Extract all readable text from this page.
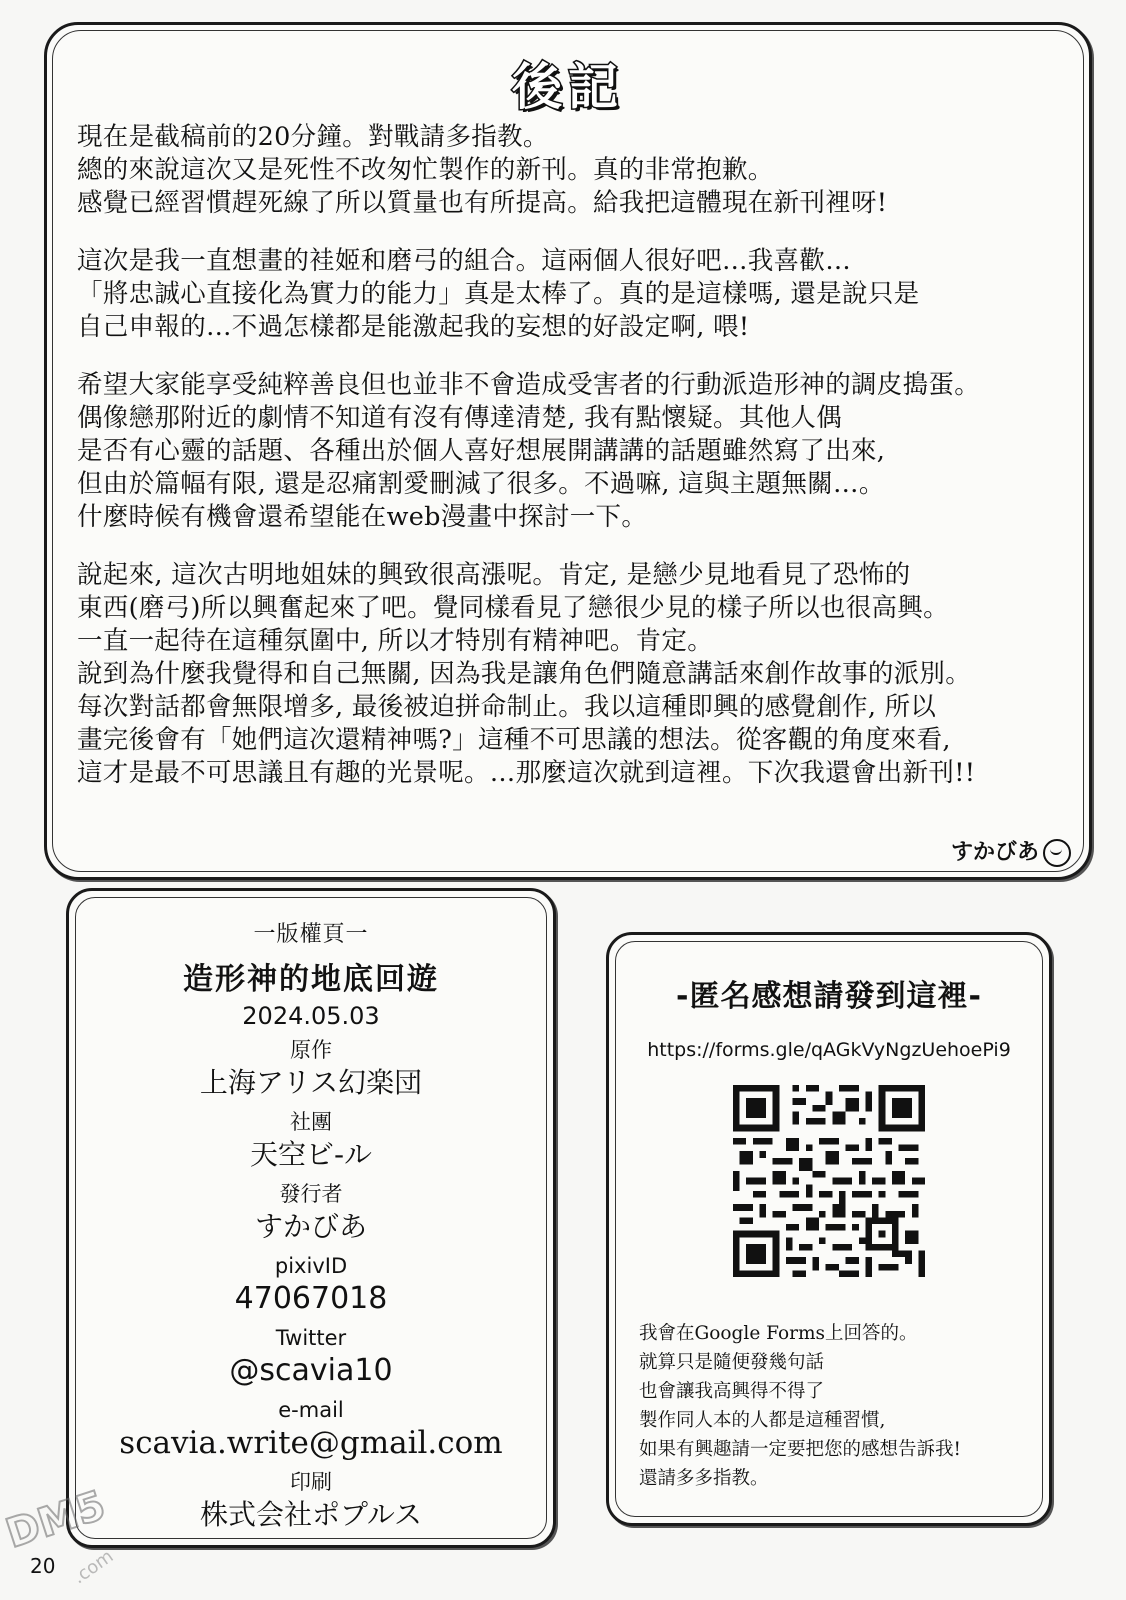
後記

現在是截稿前的20分鐘。對戰請多指教。
總的來說這次又是死性不改匆忙製作的新刊。真的非常抱歉。
感覺已經習慣趕死線了所以質量也有所提高。給我把這體現在新刊裡呀!

這次是我一直想畫的袿姬和磨弓的組合。這兩個人很好吧…我喜歡…
「將忠誠心直接化為實力的能力」真是太棒了。真的是這樣嗎, 還是說只是
自己申報的…不過怎樣都是能激起我的妄想的好設定啊, 喂!

希望大家能享受純粹善良但也並非不會造成受害者的行動派造形神的調皮搗蛋。
偶像戀那附近的劇情不知道有沒有傳達清楚, 我有點懷疑。其他人偶
是否有心靈的話題、各種出於個人喜好想展開講講的話題雖然寫了出來,
但由於篇幅有限, 還是忍痛割愛刪減了很多。不過嘛, 這與主題無關…。
什麼時候有機會還希望能在web漫畫中探討一下。

說起來, 這次古明地姐妹的興致很高漲呢。肯定, 是戀少見地看見了恐怖的
東西(磨弓)所以興奮起來了吧。覺同樣看見了戀很少見的樣子所以也很高興。
一直一起待在這種氛圍中, 所以才特別有精神吧。肯定。
說到為什麼我覺得和自己無關, 因為我是讓角色們隨意講話來創作故事的派別。
每次對話都會無限增多, 最後被迫拼命制止。我以這種即興的感覺創作, 所以
畫完後會有「她們這次還精神嗎?」這種不可思議的想法。從客觀的角度來看,
這才是最不可思議且有趣的光景呢。…那麼這次就到這裡。下次我還會出新刊!!

すかびあ
一版權頁一
造形神的地底回遊
2024.05.03
原作
上海アリス幻楽団
社團
天空ビ-ル
發行者
すかびあ
pixivID
47067018
Twitter
@scavia10
e-mail
scavia.write@gmail.com
印刷
株式会社ポプルス
-匿名感想請發到這裡-
https://forms.gle/qAGkVyNgzUehoePi9
我會在Google Forms上回答的。
就算只是隨便發幾句話
也會讓我高興得不得了
製作同人本的人都是這種習慣,
如果有興趣請一定要把您的感想告訴我!
還請多多指教。
20
DM5
.com
